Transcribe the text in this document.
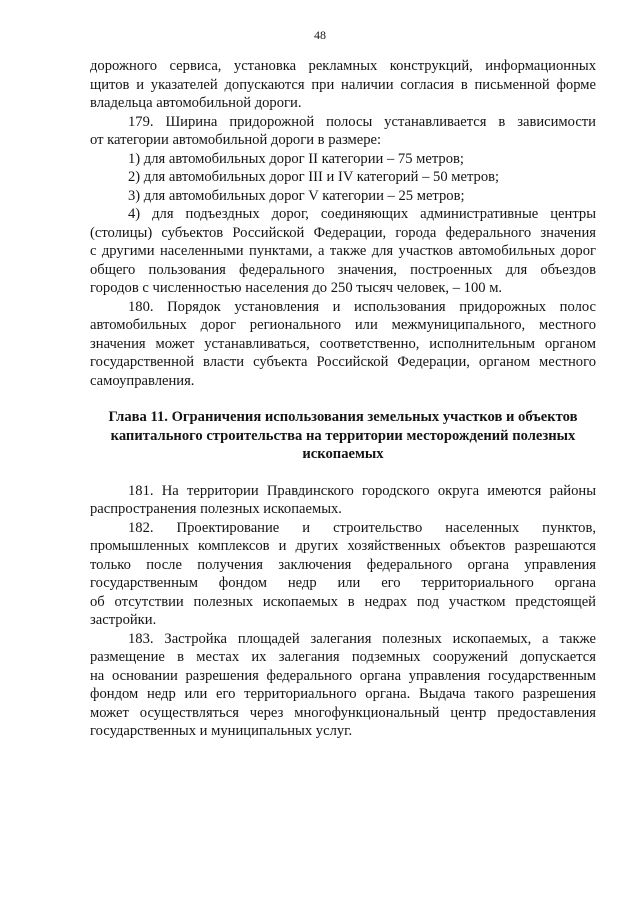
48
дорожного сервиса, установка рекламных конструкций, информационных
щитов и указателей допускаются при наличии согласия в письменной форме
владельца автомобильной дороги.
179. Ширина придорожной полосы устанавливается в зависимости
от категории автомобильной дороги в размере:
1) для автомобильных дорог II категории – 75 метров;
2) для автомобильных дорог III и IV категорий – 50 метров;
3) для автомобильных дорог V категории – 25 метров;
4) для подъездных дорог, соединяющих административные центры
(столицы) субъектов Российской Федерации, города федерального значения
с другими населенными пунктами, а также для участков автомобильных дорог
общего пользования федерального значения, построенных для объездов
городов с численностью населения до 250 тысяч человек, – 100 м.
180. Порядок установления и использования придорожных полос
автомобильных дорог регионального или межмуниципального, местного
значения может устанавливаться, соответственно, исполнительным органом
государственной власти субъекта Российской Федерации, органом местного
самоуправления.
Глава 11. Ограничения использования земельных участков и объектов
капитального строительства на территории месторождений полезных
ископаемых
181. На территории Правдинского городского округа имеются районы
распространения полезных ископаемых.
182. Проектирование и строительство населенных пунктов,
промышленных комплексов и других хозяйственных объектов разрешаются
только после получения заключения федерального органа управления
государственным фондом недр или его территориального органа
об отсутствии полезных ископаемых в недрах под участком предстоящей
застройки.
183. Застройка площадей залегания полезных ископаемых, а также
размещение в местах их залегания подземных сооружений допускается
на основании разрешения федерального органа управления государственным
фондом недр или его территориального органа. Выдача такого разрешения
может осуществляться через многофункциональный центр предоставления
государственных и муниципальных услуг.
